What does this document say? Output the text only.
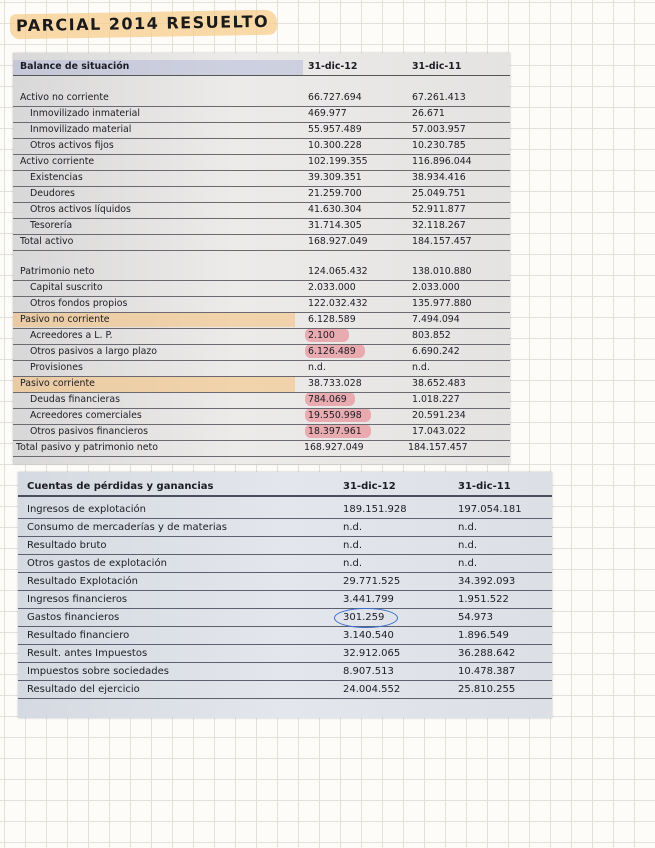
PARCIAL 2014 RESUELTO
Balance de situación	31-dic-12	31-dic-11
Activo no corriente	66.727.694	67.261.413
Inmovilizado inmaterial	469.977	26.671
Inmovilizado material	55.957.489	57.003.957
Otros activos fijos	10.300.228	10.230.785
Activo corriente	102.199.355	116.896.044
Existencias	39.309.351	38.934.416
Deudores	21.259.700	25.049.751
Otros activos líquidos	41.630.304	52.911.877
Tesorería	31.714.305	32.118.267
Total activo	168.927.049	184.157.457
Patrimonio neto	124.065.432	138.010.880
Capital suscrito	2.033.000	2.033.000
Otros fondos propios	122.032.432	135.977.880
Pasivo no corriente	6.128.589	7.494.094
Acreedores a L. P.	2.100	803.852
Otros pasivos a largo plazo	6.126.489	6.690.242
Provisiones	n.d.	n.d.
Pasivo corriente	38.733.028	38.652.483
Deudas financieras	784.069	1.018.227
Acreedores comerciales	19.550.998	20.591.234
Otros pasivos financieros	18.397.961	17.043.022
Total pasivo y patrimonio neto	168.927.049	184.157.457
Cuentas de pérdidas y ganancias	31-dic-12	31-dic-11
Ingresos de explotación	189.151.928	197.054.181
Consumo de mercaderías y de materias	n.d.	n.d.
Resultado bruto	n.d.	n.d.
Otros gastos de explotación	n.d.	n.d.
Resultado Explotación	29.771.525	34.392.093
Ingresos financieros	3.441.799	1.951.522
Gastos financieros	301.259	54.973
Resultado financiero	3.140.540	1.896.549
Result. antes Impuestos	32.912.065	36.288.642
Impuestos sobre sociedades	8.907.513	10.478.387
Resultado del ejercicio	24.004.552	25.810.255
